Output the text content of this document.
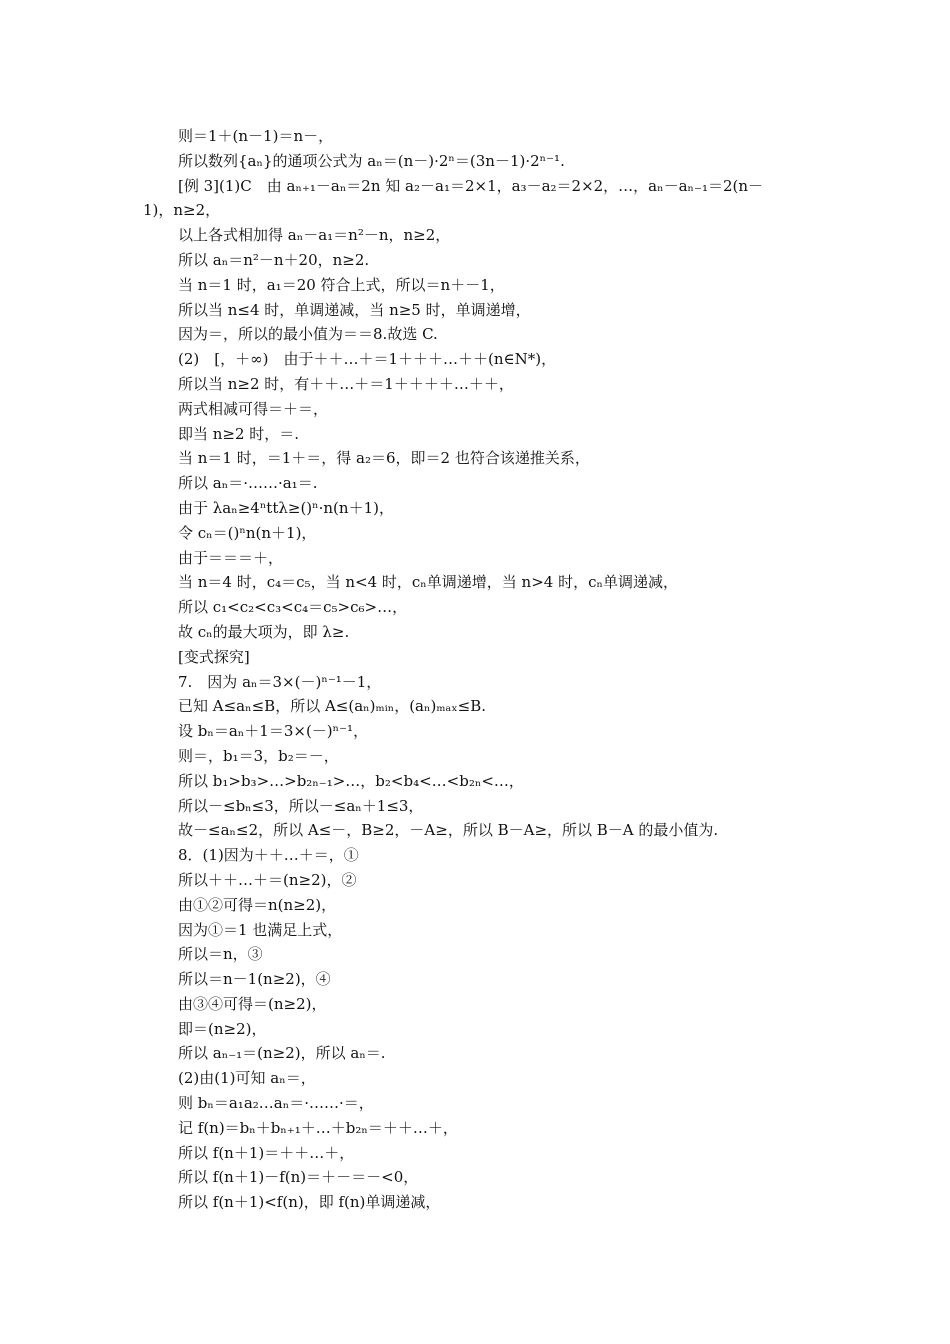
则＝1＋(n－1)＝n－，
所以数列{aₙ}的通项公式为 aₙ＝(n－)·2ⁿ＝(3n－1)·2ⁿ⁻¹.
[例 3](1)C　由 aₙ₊₁－aₙ＝2n 知 a₂－a₁＝2×1，a₃－a₂＝2×2，…，aₙ－aₙ₋₁＝2(n－
1)，n≥2，
以上各式相加得 aₙ－a₁＝n²－n，n≥2，
所以 aₙ＝n²－n＋20，n≥2.
当 n＝1 时，a₁＝20 符合上式，所以＝n＋－1，
所以当 n≤4 时，单调递减，当 n≥5 时，单调递增，
因为＝，所以的最小值为＝＝8.故选 C.
(2)　[，＋∞)　由于＋＋…＋＝1＋＋＋…＋＋(n∈N*)，
所以当 n≥2 时，有＋＋…＋＝1＋＋＋＋…＋＋，
两式相减可得＝＋＝，
即当 n≥2 时，＝.
当 n＝1 时，＝1＋＝，得 a₂＝6，即＝2 也符合该递推关系，
所以 aₙ＝·……·a₁＝.
由于 λaₙ≥4ⁿttλ≥()ⁿ·n(n＋1)，
令 cₙ＝()ⁿn(n＋1)，
由于＝＝＝＋，
当 n＝4 时，c₄＝c₅，当 n<4 时，cₙ单调递增，当 n>4 时，cₙ单调递减，
所以 c₁<c₂<c₃<c₄＝c₅>c₆>…，
故 cₙ的最大项为，即 λ≥.
[变式探究]
7.　因为 aₙ＝3×(－)ⁿ⁻¹－1，
已知 A≤aₙ≤B，所以 A≤(aₙ)ₘᵢₙ，(aₙ)ₘₐₓ≤B.
设 bₙ＝aₙ＋1＝3×(－)ⁿ⁻¹，
则＝，b₁＝3，b₂＝－，
所以 b₁>b₃>…>b₂ₙ₋₁>…，b₂<b₄<…<b₂ₙ<…，
所以－≤bₙ≤3，所以－≤aₙ＋1≤3，
故－≤aₙ≤2，所以 A≤－，B≥2，－A≥，所以 B－A≥，所以 B－A 的最小值为.
8．(1)因为＋＋…＋＝，①
所以＋＋…＋＝(n≥2)，②
由①②可得＝n(n≥2)，
因为①＝1 也满足上式，
所以＝n，③
所以＝n－1(n≥2)，④
由③④可得＝(n≥2)，
即＝(n≥2)，
所以 aₙ₋₁＝(n≥2)，所以 aₙ＝.
(2)由(1)可知 aₙ＝，
则 bₙ＝a₁a₂…aₙ＝·……·＝，
记 f(n)＝bₙ＋bₙ₊₁＋…＋b₂ₙ＝＋＋…＋，
所以 f(n＋1)＝＋＋…＋，
所以 f(n＋1)－f(n)＝＋－＝－<0，
所以 f(n＋1)<f(n)，即 f(n)单调递减，
